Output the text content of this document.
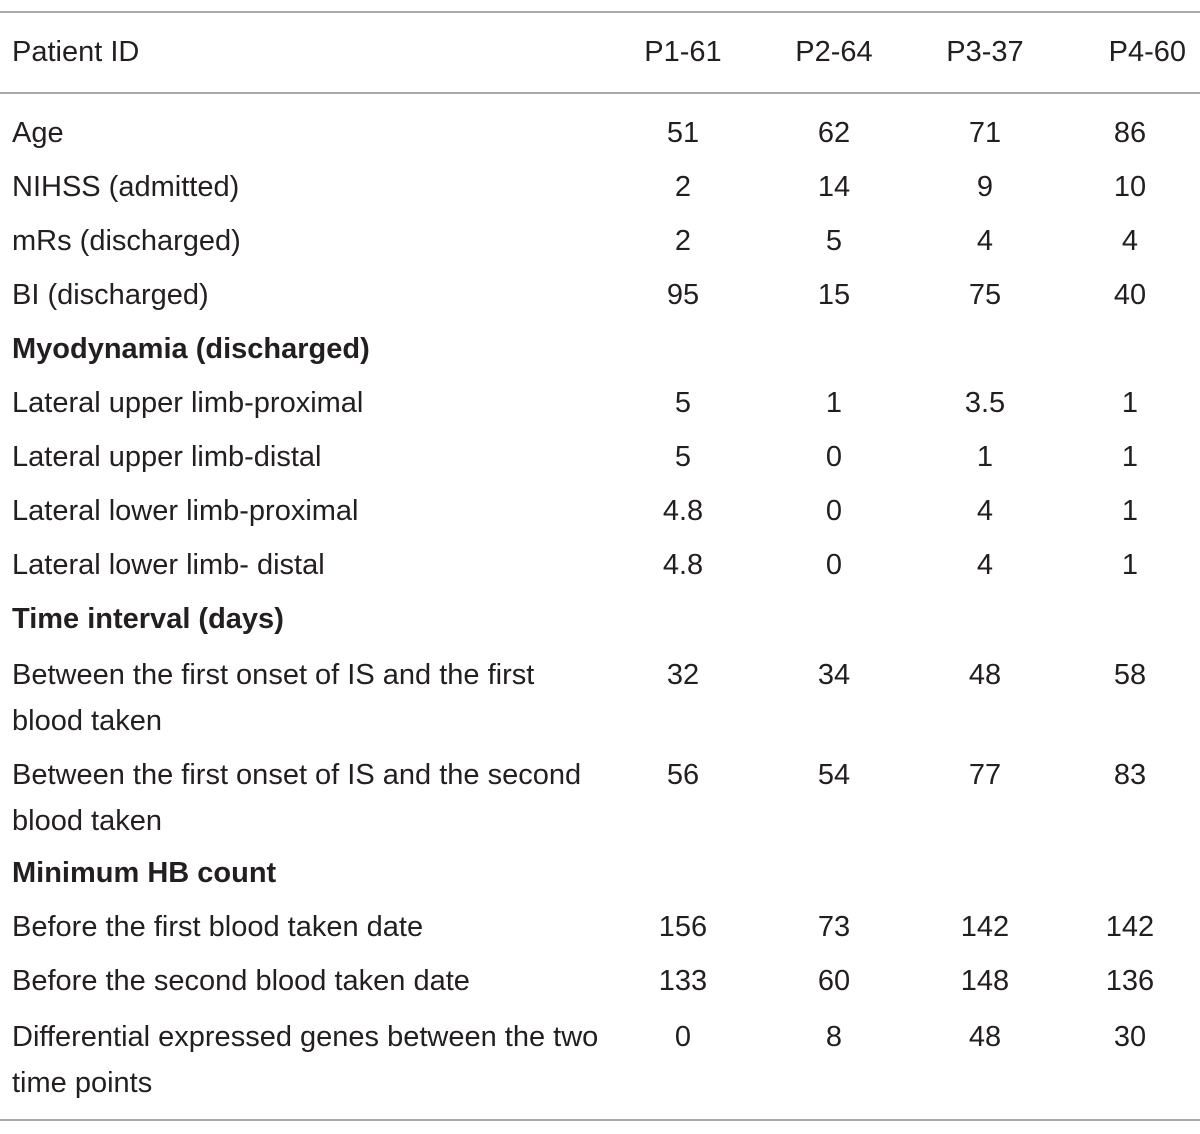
Patient ID	P1-61	P2-64	P3-37	P4-60
Age	51	62	71	86
NIHSS (admitted)	2	14	9	10
mRs (discharged)	2	5	4	4
BI (discharged)	95	15	75	40
Myodynamia (discharged)				
Lateral upper limb-proximal	5	1	3.5	1
Lateral upper limb-distal	5	0	1	1
Lateral lower limb-proximal	4.8	0	4	1
Lateral lower limb- distal	4.8	0	4	1
Time interval (days)				
Between the first onset of IS and the first blood taken	32	34	48	58
Between the first onset of IS and the second blood taken	56	54	77	83
Minimum HB count				
Before the first blood taken date	156	73	142	142
Before the second blood taken date	133	60	148	136
Differential expressed genes between the two time points	0	8	48	30
